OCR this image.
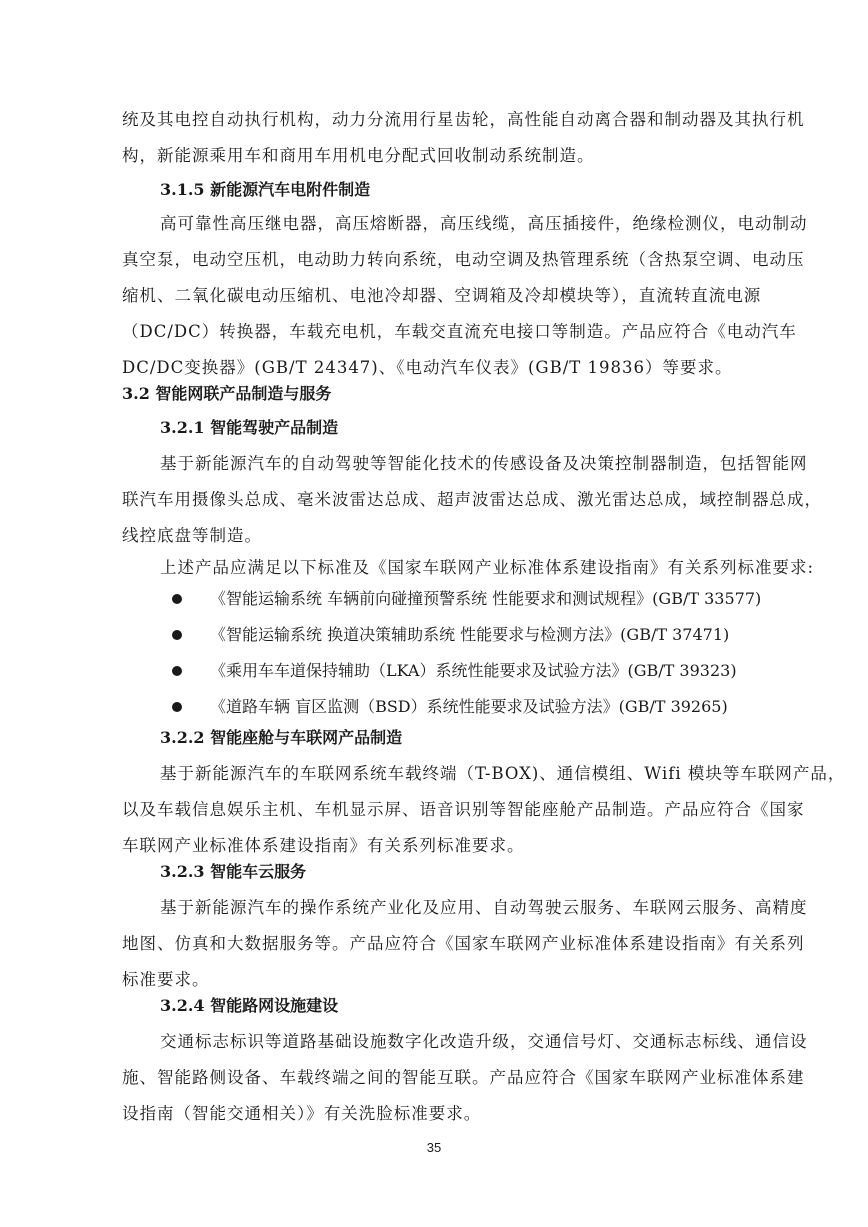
统及其电控自动执行机构，动力分流用行星齿轮，高性能自动离合器和制动器及其执行机
构，新能源乘用车和商用车用机电分配式回收制动系统制造。
3.1.5 新能源汽车电附件制造
高可靠性高压继电器，高压熔断器，高压线缆，高压插接件，绝缘检测仪，电动制动
真空泵，电动空压机，电动助力转向系统，电动空调及热管理系统（含热泵空调、电动压
缩机、二氧化碳电动压缩机、电池冷却器、空调箱及冷却模块等），直流转直流电源
（DC/DC）转换器，车载充电机，车载交直流充电接口等制造。产品应符合《电动汽车
DC/DC变换器》(GB/T 24347)、《电动汽车仪表》(GB/T 19836）等要求。
3.2 智能网联产品制造与服务
3.2.1 智能驾驶产品制造
基于新能源汽车的自动驾驶等智能化技术的传感设备及决策控制器制造，包括智能网
联汽车用摄像头总成、毫米波雷达总成、超声波雷达总成、激光雷达总成，域控制器总成，
线控底盘等制造。
上述产品应满足以下标准及《国家车联网产业标准体系建设指南》有关系列标准要求:
《智能运输系统 车辆前向碰撞预警系统 性能要求和测试规程》(GB/T 33577)
《智能运输系统 换道决策辅助系统 性能要求与检测方法》(GB/T 37471)
《乘用车车道保持辅助（LKA）系统性能要求及试验方法》(GB/T 39323)
《道路车辆 盲区监测（BSD）系统性能要求及试验方法》(GB/T 39265)
3.2.2 智能座舱与车联网产品制造
基于新能源汽车的车联网系统车载终端（T-BOX)、通信模组、Wifi 模块等车联网产品，
以及车载信息娱乐主机、车机显示屏、语音识别等智能座舱产品制造。产品应符合《国家
车联网产业标准体系建设指南》有关系列标准要求。
3.2.3 智能车云服务
基于新能源汽车的操作系统产业化及应用、自动驾驶云服务、车联网云服务、高精度
地图、仿真和大数据服务等。产品应符合《国家车联网产业标准体系建设指南》有关系列
标准要求。
3.2.4 智能路网设施建设
交通标志标识等道路基础设施数字化改造升级，交通信号灯、交通标志标线、通信设
施、智能路侧设备、车载终端之间的智能互联。产品应符合《国家车联网产业标准体系建
设指南（智能交通相关）》有关洗脸标准要求。
35
